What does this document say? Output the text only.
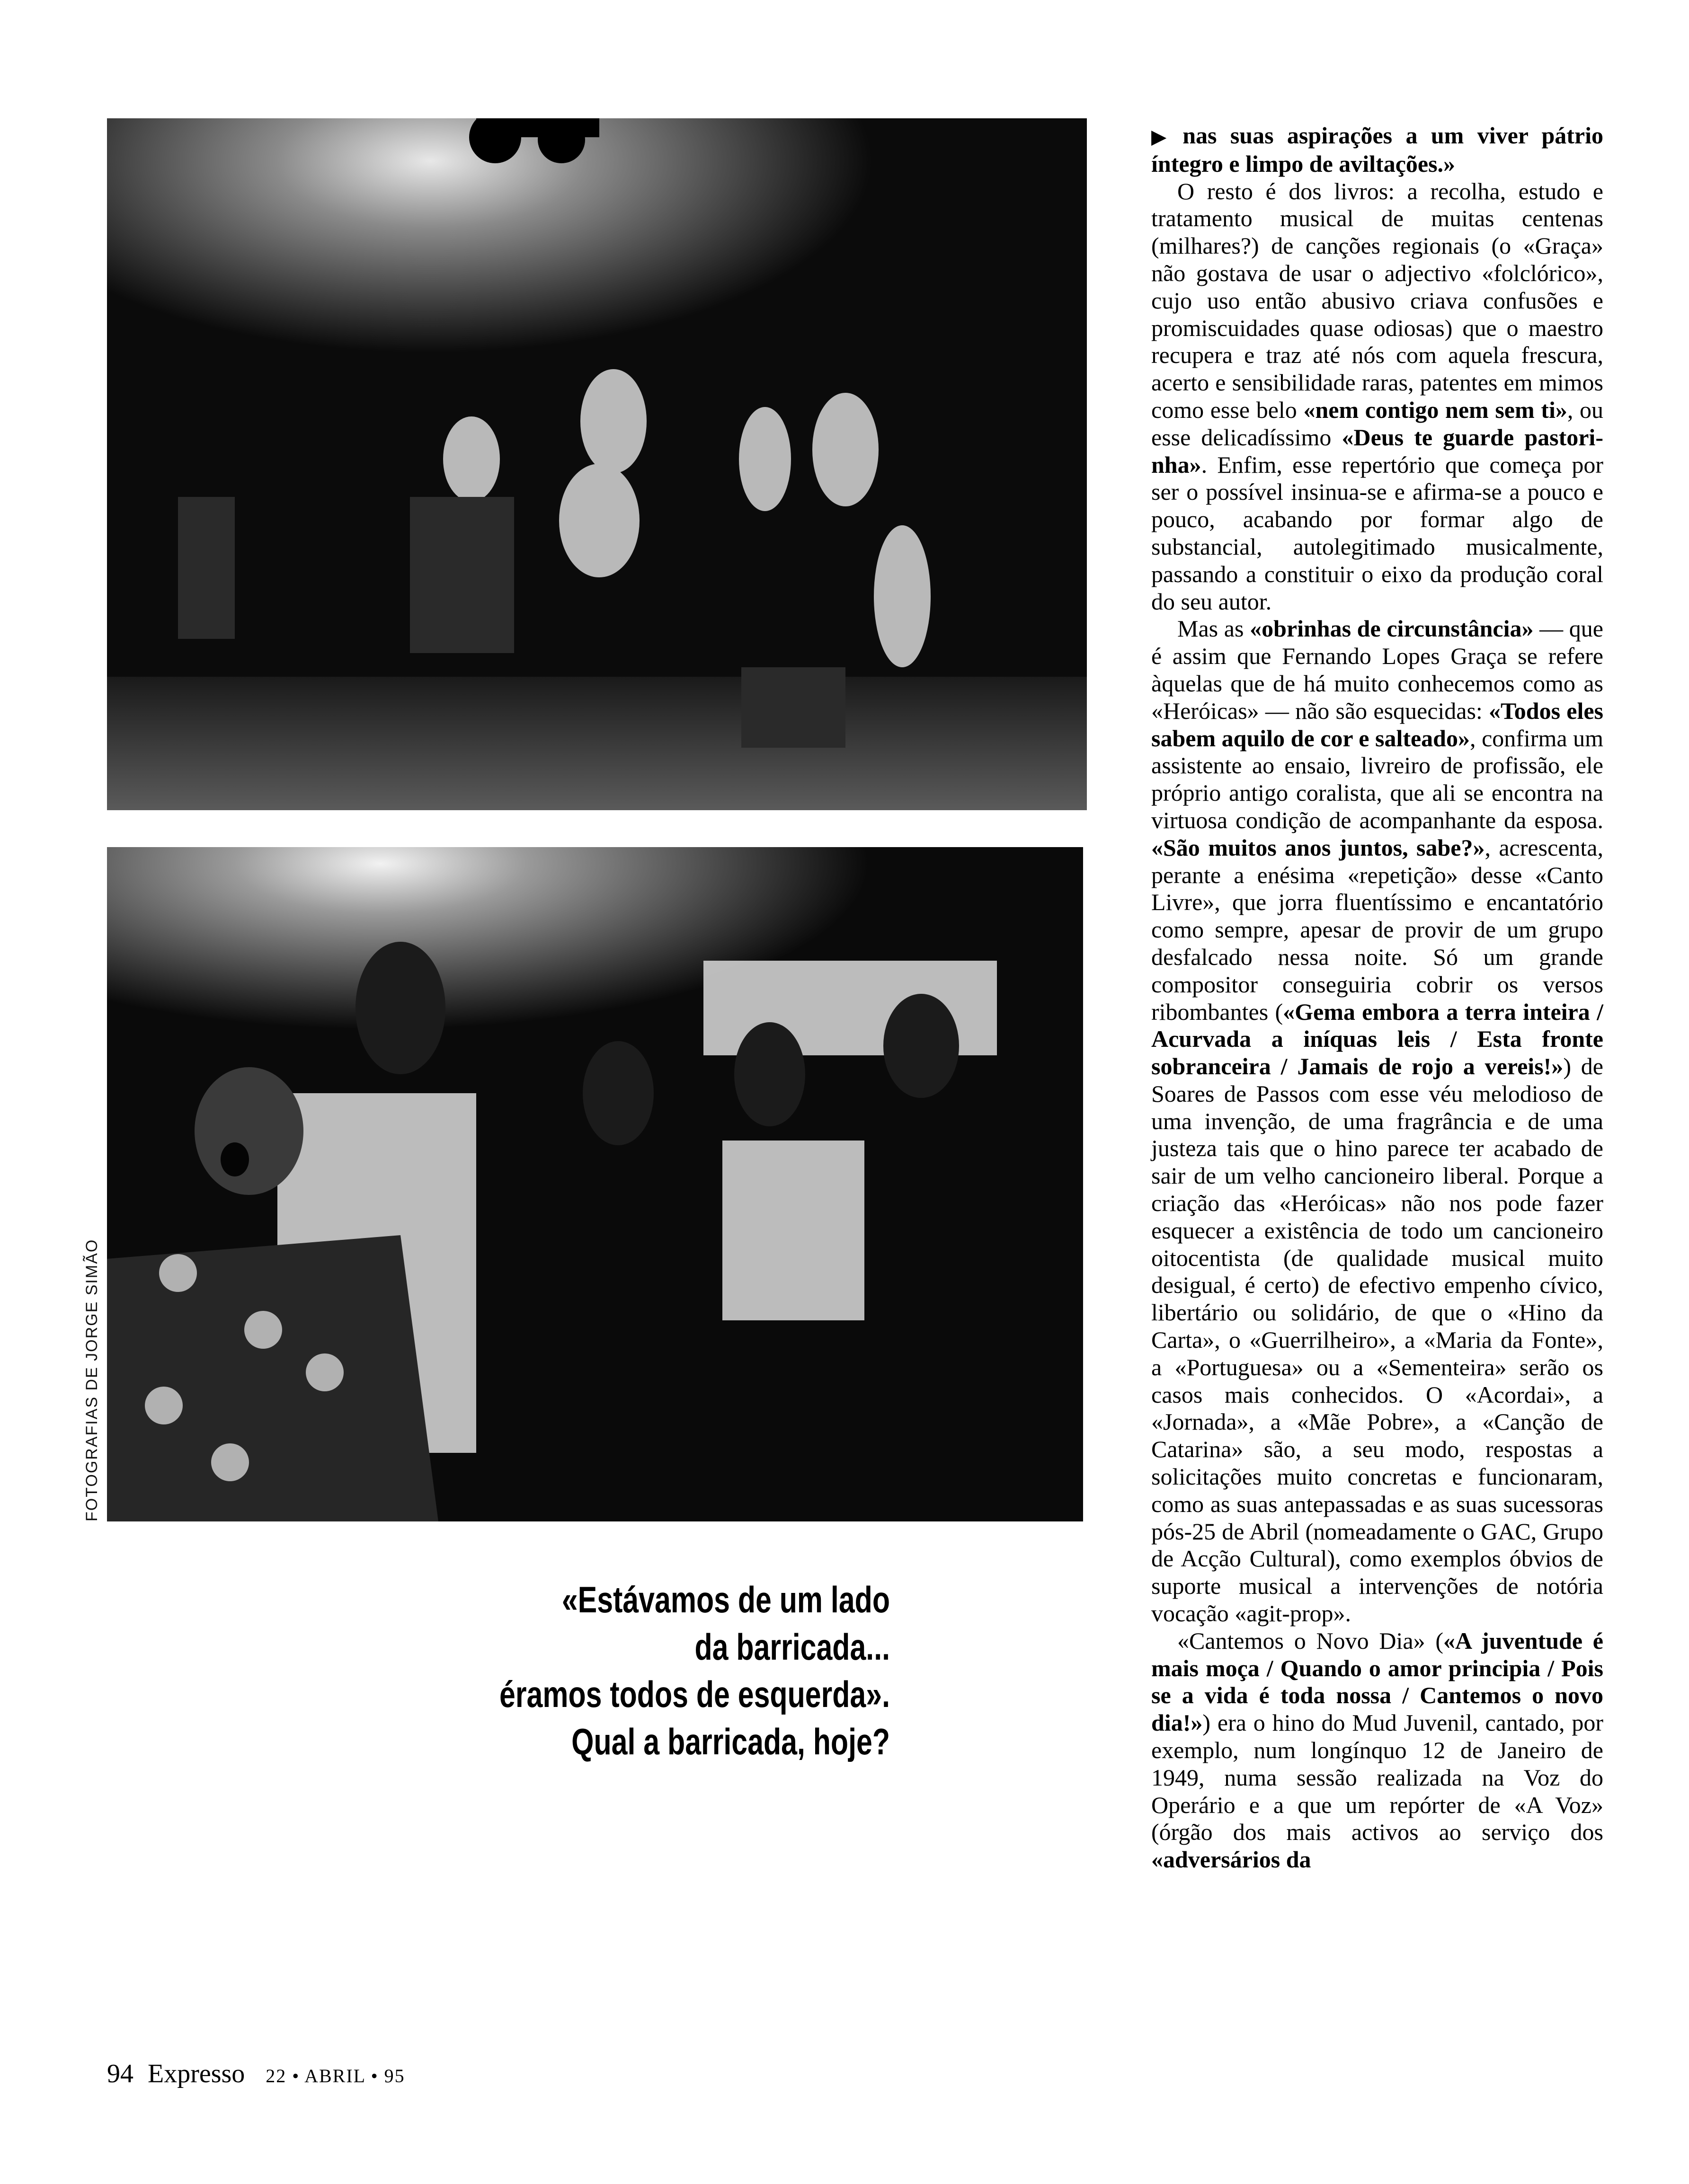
FOTOGRAFIAS DE JORGE SIMÃO
«Estávamos de um lado
da barricada...
éramos todos de esquerda».
Qual a barricada, hoje?

▶ nas suas aspirações a um viver pátrio íntegro e limpo de aviltações.»

O resto é dos livros: a recolha, estudo e tratamento musical de muitas centenas (milhares?) de canções regionais (o «Graça» não gostava de usar o adjectivo «folclórico», cujo uso então abusivo criava confusões e promiscuidades quase odiosas) que o maestro recupera e traz até nós com aquela frescura, acerto e sensibilidade raras, patentes em mimos como esse belo «nem contigo nem sem ti», ou esse delicadíssimo «Deus te guarde pastorinha». Enfim, esse repertório que começa por ser o possível insinua-se e afirma-se a pouco e pouco, acabando por formar algo de substancial, autolegitimado musicalmente, passando a constituir o eixo da produção coral do seu autor.

Mas as «obrinhas de circunstância» — que é assim que Fernando Lopes Graça se refere àquelas que de há muito conhecemos como as «Heróicas» — não são esquecidas: «Todos eles sabem aquilo de cor e salteado», confirma um assistente ao ensaio, livreiro de profissão, ele próprio antigo coralista, que ali se encontra na virtuosa condição de acompanhante da esposa. «São muitos anos juntos, sabe?», acrescenta, perante a enésima «repetição» desse «Canto Livre», que jorra fluentíssimo e encantatório como sempre, apesar de provir de um grupo desfalcado nessa noite. Só um grande compositor conseguiria cobrir os versos ribombantes («Gema embora a terra inteira / Acurvada a iníquas leis / Esta fronte sobranceira / Jamais de rojo a vereis!») de Soares de Passos com esse véu melodioso de uma invenção, de uma fragrância e de uma justeza tais que o hino parece ter acabado de sair de um velho cancioneiro liberal. Porque a criação das «Heróicas» não nos pode fazer esquecer a existência de todo um cancioneiro oitocentista (de qualidade musical muito desigual, é certo) de efectivo empenho cívico, libertário ou solidário, de que o «Hino da Carta», o «Guerrilheiro», a «Maria da Fonte», a «Portuguesa» ou a «Sementeira» serão os casos mais conhecidos. O «Acordai», a «Jornada», a «Mãe Pobre», a «Canção de Catarina» são, a seu modo, respostas a solicitações muito concretas e funcionaram, como as suas antepassadas e as suas sucessoras pós-25 de Abril (nomeadamente o GAC, Grupo de Acção Cultural), como exemplos óbvios de suporte musical a intervenções de notória vocação «agit-prop».

«Cantemos o Novo Dia» («A juventude é mais moça / Quando o amor principia / Pois se a vida é toda nossa / Cantemos o novo dia!») era o hino do Mud Juvenil, cantado, por exemplo, num longínquo 12 de Janeiro de 1949, numa sessão realizada na Voz do Operário e a que um repórter de «A Voz» (órgão dos mais activos ao serviço dos «adversários da

94 Expresso 22 • ABRIL • 95
